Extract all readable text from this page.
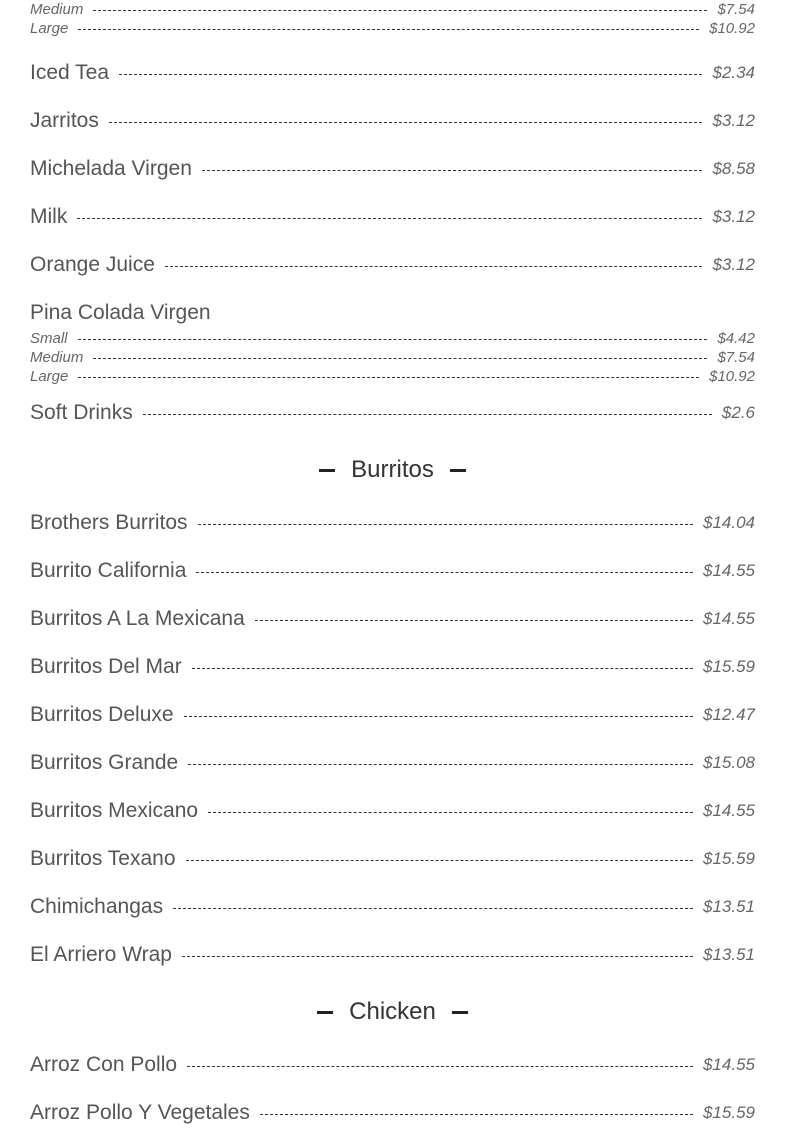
Medium	$7.54
Large	$10.92
Iced Tea	$2.34
Jarritos	$3.12
Michelada Virgen	$8.58
Milk	$3.12
Orange Juice	$3.12
Pina Colada Virgen
Small	$4.42
Medium	$7.54
Large	$10.92
Soft Drinks	$2.6
Burritos
Brothers Burritos	$14.04
Burrito California	$14.55
Burritos A La Mexicana	$14.55
Burritos Del Mar	$15.59
Burritos Deluxe	$12.47
Burritos Grande	$15.08
Burritos Mexicano	$14.55
Burritos Texano	$15.59
Chimichangas	$13.51
El Arriero Wrap	$13.51
Chicken
Arroz Con Pollo	$14.55
Arroz Pollo Y Vegetales	$15.59
